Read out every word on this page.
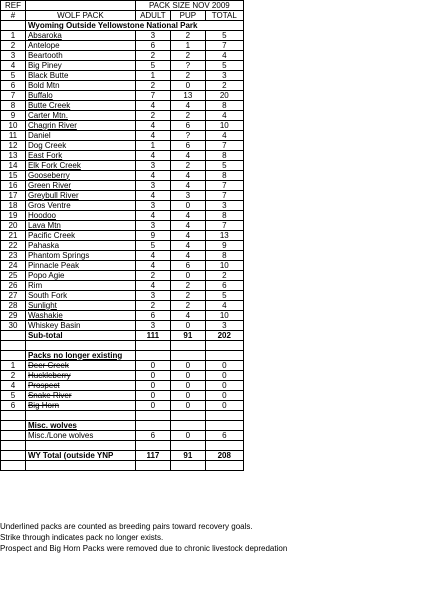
REF		PACK SIZE NOV 2009			
#	WOLF PACK	ADULT	PUP	TOTAL	
	Wyoming Outside Yellowstone National Park				
1	Absaroka	3	2	5	
2	Antelope	6	1	7	
3	Beartooth	2	2	4	
4	Big Piney	5	?	5	
5	Black Butte	1	2	3	
6	Bold Mtn	2	0	2	
7	Buffalo	7	13	20	
8	Butte Creek	4	4	8	
9	Carter Mtn.	2	2	4	
10	Chagrin River	4	6	10	
11	Daniel	4	?	4	
12	Dog Creek	1	6	7	
13	East Fork	4	4	8	
14	Elk Fork Creek	3	2	5	
15	Gooseberry	4	4	8	
16	Green River	3	4	7	
17	Greybull River	4	3	7	
18	Gros Ventre	3	0	3	
19	Hoodoo	4	4	8	
20	Lava Mtn	3	4	7	
21	Pacific Creek	9	4	13	
22	Pahaska	5	4	9	
23	Phantom Springs	4	4	8	
24	Pinnacle Peak	4	6	10	
25	Popo Agie	2	0	2	
26	Rim	4	2	6	
27	South Fork	3	2	5	
28	Sunlight	2	2	4	
29	Washakie	6	4	10	
30	Whiskey Basin	3	0	3	
	Sub-total	111	91	202	

	Packs no longer existing				
1	Deer Creek	0	0	0	
2	Huckleberry	0	0	0	
4	Prospect	0	0	0	
5	Snake River	0	0	0	
6	Big Horn	0	0	0	

	Misc. wolves				
	Misc./Lone wolves	6	0	6	

	WY Total (outside YNP	117	91	208	

Underlined packs are counted as breeding pairs toward recovery goals.
Strike through indicates pack no longer exists.
Prospect and Big Horn Packs were removed due to chronic livestock depredation
